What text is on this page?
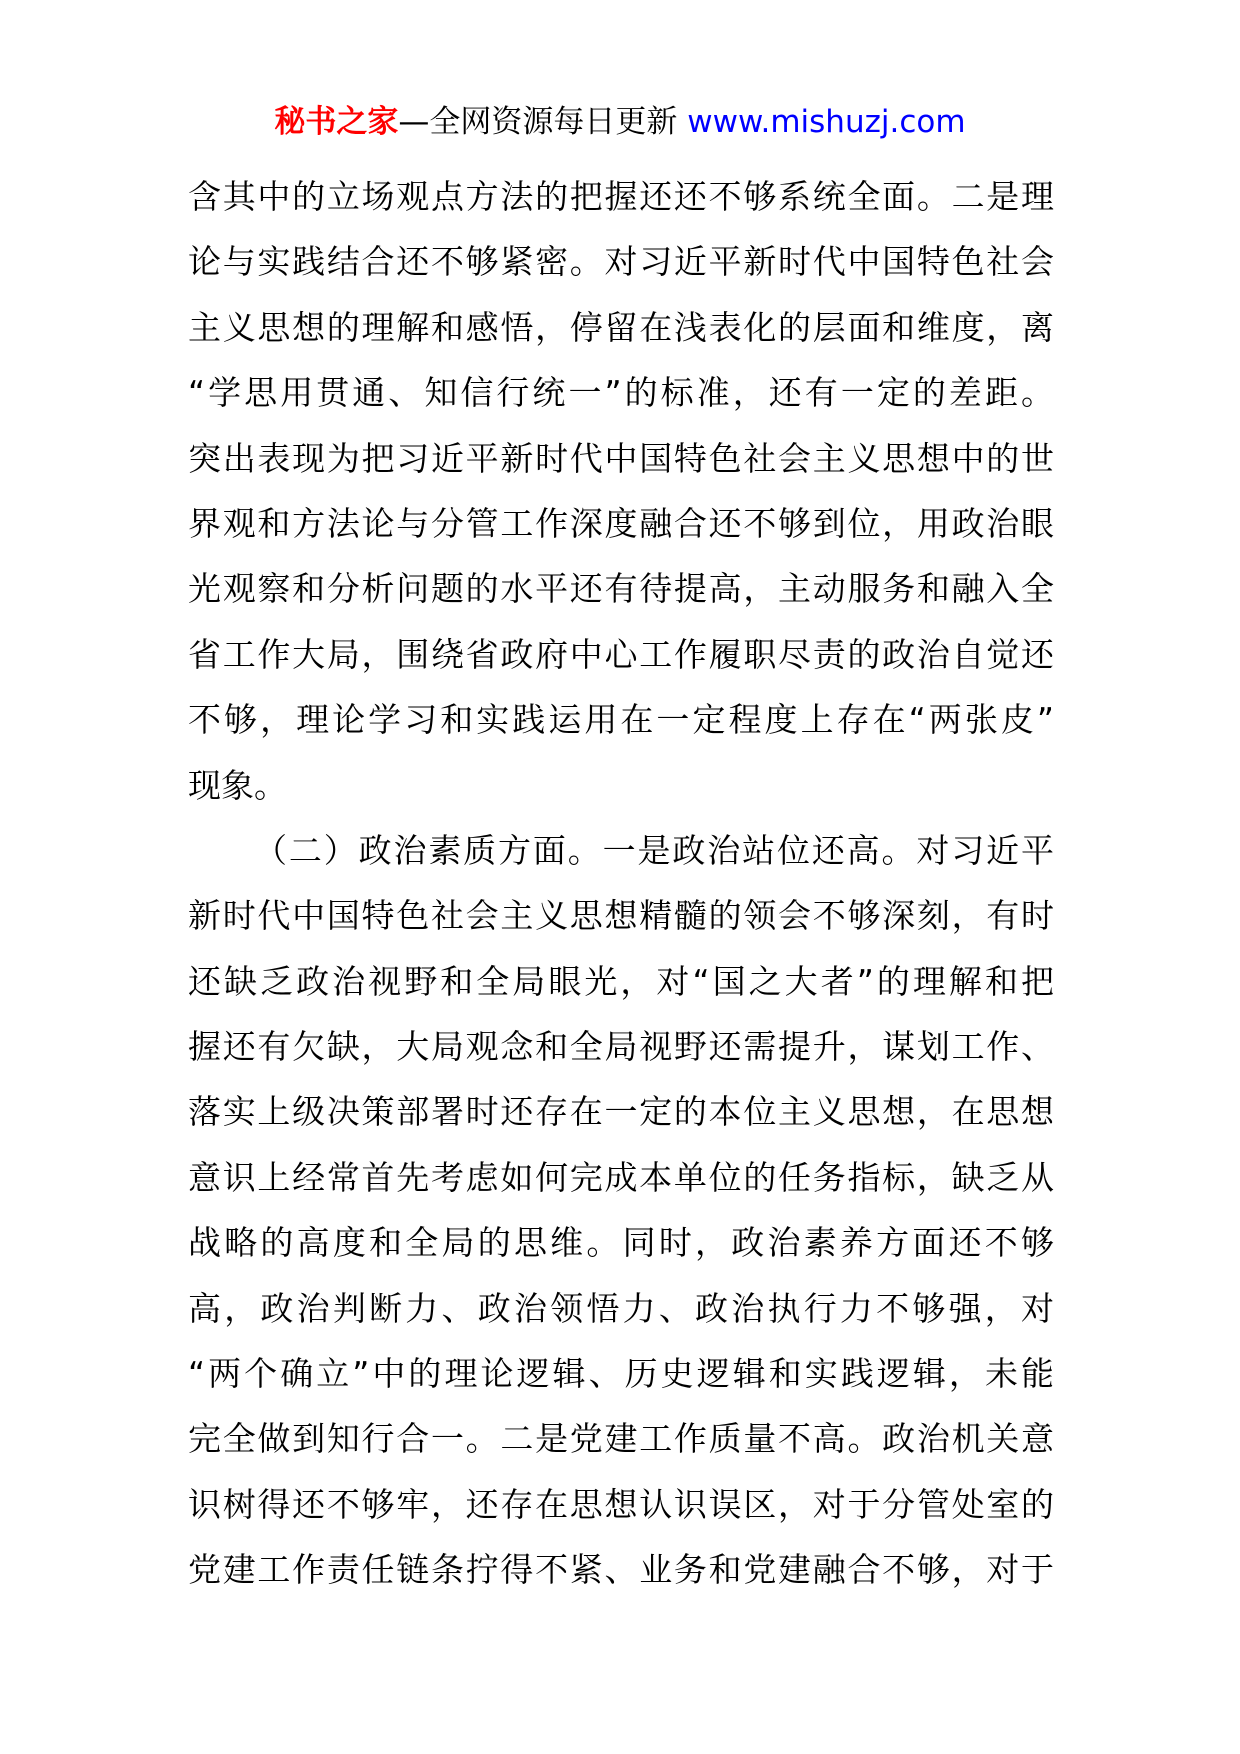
秘书之家—全网资源每日更新 www.mishuzj.com
含其中的立场观点方法的把握还还不够系统全面。二是理
论与实践结合还不够紧密。对习近平新时代中国特色社会
主义思想的理解和感悟，停留在浅表化的层面和维度，离
“学思用贯通、知信行统一”的标准，还有一定的差距。
突出表现为把习近平新时代中国特色社会主义思想中的世
界观和方法论与分管工作深度融合还不够到位，用政治眼
光观察和分析问题的水平还有待提高，主动服务和融入全
省工作大局，围绕省政府中心工作履职尽责的政治自觉还
不够，理论学习和实践运用在一定程度上存在“两张皮”
现象。
（二）政治素质方面。一是政治站位还高。对习近平
新时代中国特色社会主义思想精髓的领会不够深刻，有时
还缺乏政治视野和全局眼光，对“国之大者”的理解和把
握还有欠缺，大局观念和全局视野还需提升，谋划工作、
落实上级决策部署时还存在一定的本位主义思想，在思想
意识上经常首先考虑如何完成本单位的任务指标，缺乏从
战略的高度和全局的思维。同时，政治素养方面还不够
高，政治判断力、政治领悟力、政治执行力不够强，对
“两个确立”中的理论逻辑、历史逻辑和实践逻辑，未能
完全做到知行合一。二是党建工作质量不高。政治机关意
识树得还不够牢，还存在思想认识误区，对于分管处室的
党建工作责任链条拧得不紧、业务和党建融合不够，对于
